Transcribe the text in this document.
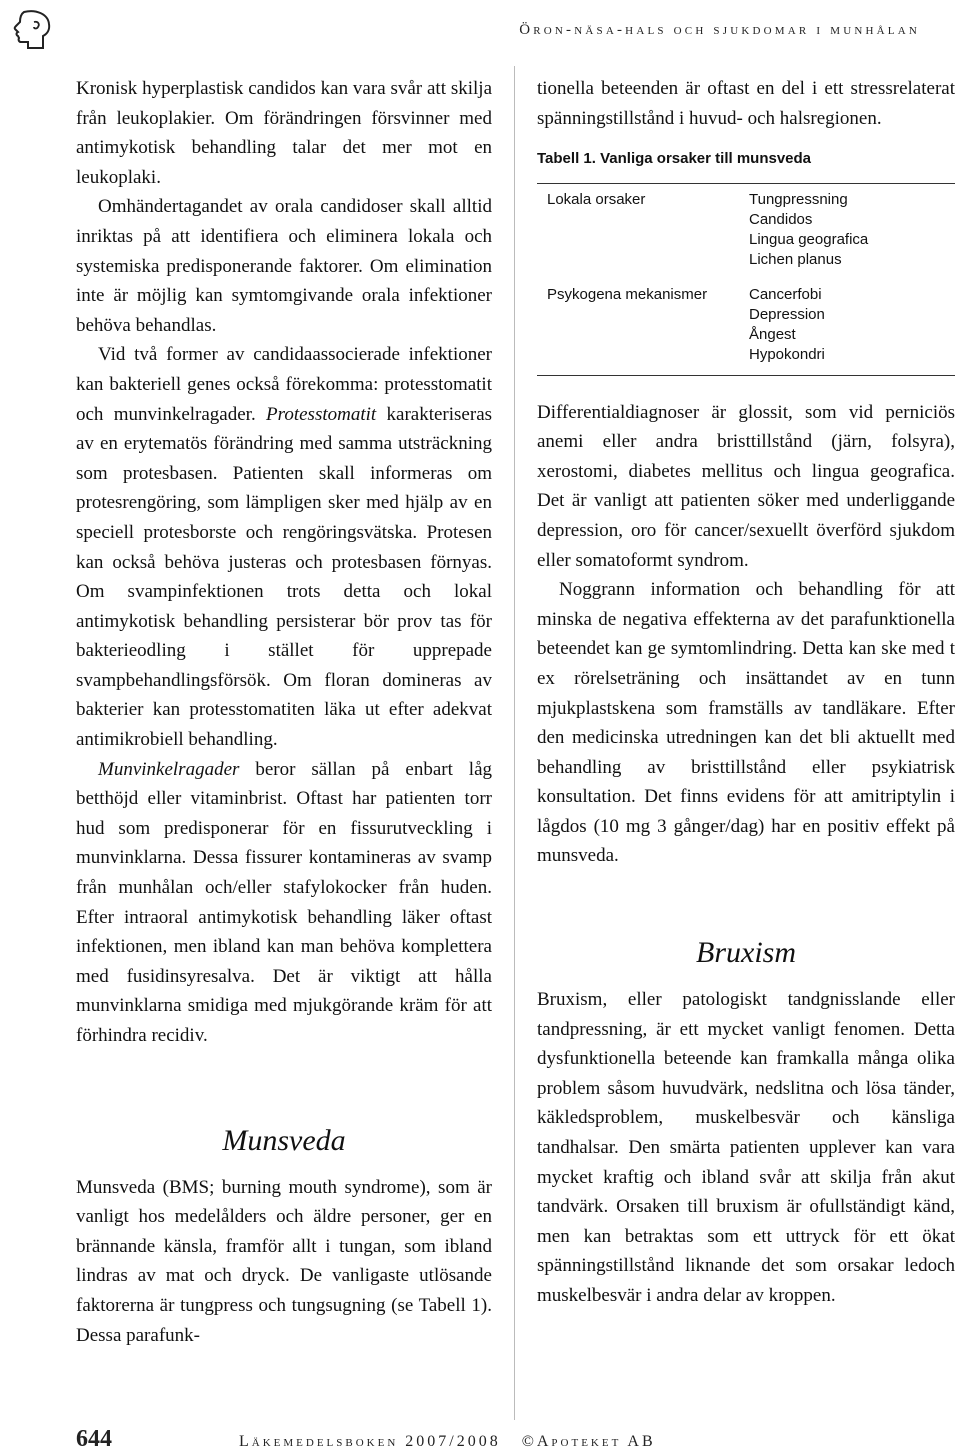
Öron-näsa-hals och sjukdomar i munhålan

Kronisk hyperplastisk candidos kan vara svår att skilja från leukoplakier. Om förändringen försvinner med antimykotisk behandling talar det mer mot en leukoplaki.

Omhändertagandet av orala candidoser skall alltid inriktas på att identifiera och eliminera lokala och systemiska predisponerande faktorer. Om elimination inte är möjlig kan symtomgivande orala infektioner behöva behandlas.

Vid två former av candidaassocierade infektioner kan bakteriell genes också förekomma: protesstomatit och munvinkelragader. Protesstomatit karakteriseras av en erytematös förändring med samma utsträckning som protesbasen. Patienten skall informeras om protesrengöring, som lämpligen sker med hjälp av en speciell protesborste och rengöringsvätska. Protesen kan också behöva justeras och protesbasen förnyas. Om svampinfektionen trots detta och lokal antimykotisk behandling persisterar bör prov tas för bakterieodling i stället för upprepade svampbehandlingsförsök. Om floran domineras av bakterier kan protesstomatiten läka ut efter adekvat antimikrobiell behandling.

Munvinkelragader beror sällan på enbart låg betthöjd eller vitaminbrist. Oftast har patienten torr hud som predisponerar för en fissurutveckling i munvinklarna. Dessa fissurer kontamineras av svamp från munhålan och/eller stafylokocker från huden. Efter intraoral antimykotisk behandling läker oftast infektionen, men ibland kan man behöva komplettera med fusidinsyresalva. Det är viktigt att hålla munvinklarna smidiga med mjukgörande kräm för att förhindra recidiv.

Munsveda

Munsveda (BMS; burning mouth syndrome), som är vanligt hos medelålders och äldre personer, ger en brännande känsla, framför allt i tungan, som ibland lindras av mat och dryck. De vanligaste utlösande faktorerna är tungpress och tungsugning (se Tabell 1). Dessa parafunk-

tionella beteenden är oftast en del i ett stressrelaterat spänningstillstånd i huvud- och halsregionen.

Tabell 1. Vanliga orsaker till munsveda
Lokala orsaker	Tungpressning
Candidos
Lingua geografica
Lichen planus
Psykogena mekanismer	Cancerfobi
Depression
Ångest
Hypokondri

Differentialdiagnoser är glossit, som vid perniciös anemi eller andra bristtillstånd (järn, folsyra), xerostomi, diabetes mellitus och lingua geografica. Det är vanligt att patienten söker med underliggande depression, oro för cancer/sexuellt överförd sjukdom eller somatoformt syndrom.

Noggrann information och behandling för att minska de negativa effekterna av det parafunktionella beteendet kan ge symtomlindring. Detta kan ske med t ex rörelseträning och insättandet av en tunn mjukplastskena som framställs av tandläkare. Efter den medicinska utredningen kan det bli aktuellt med behandling av bristtillstånd eller psykiatrisk konsultation. Det finns evidens för att amitriptylin i lågdos (10 mg 3 gånger/dag) har en positiv effekt på munsveda.

Bruxism

Bruxism, eller patologiskt tandgnisslande eller tandpressning, är ett mycket vanligt fenomen. Detta dysfunktionella beteende kan framkalla många olika problem såsom huvudvärk, nedslitna och lösa tänder, käkledsproblem, muskelbesvär och känsliga tandhalsar. Den smärta patienten upplever kan vara mycket kraftig och ibland svår att skilja från akut tandvärk. Orsaken till bruxism är ofullständigt känd, men kan betraktas som ett uttryck för ett ökat spänningstillstånd liknande det som orsakar ledoch muskelbesvär i andra delar av kroppen.

644	Läkemedelsboken 2007/2008 ©Apoteket AB
